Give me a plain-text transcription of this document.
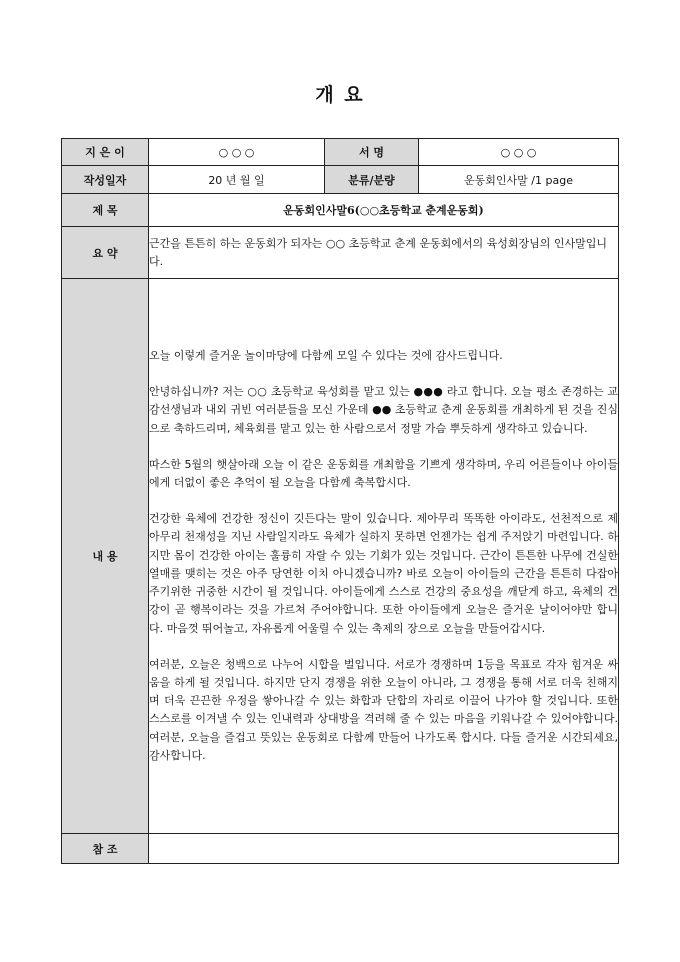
개 요
지 은 이	○ ○ ○	서 명	○ ○ ○
작성일자	20 년 월 일	분류/분량	운동회인사말 /1 page
제 목	운동회인사말6(○○초등학교 춘계운동회)		
요 약	근간을 튼튼히 하는 운동회가 되자는 ○○ 초등학교 춘계 운동회에서의 육성회장님의 인사말입니다.		
내 용	오늘 이렇게 즐거운 놀이마당에 다함께 모일 수 있다는 것에 감사드립니다.

안녕하십니까? 저는 ○○ 초등학교 육성회를 맡고 있는 ●●● 라고 합니다. 오늘 평소 존경하는 교감선생님과 내외 귀빈 여러분들을 모신 가운데 ●● 초등학교 춘계 운동회를 개최하게 된 것을 진심으로 축하드리며, 체육회를 맡고 있는 한 사람으로서 정말 가슴 뿌듯하게 생각하고 있습니다.

따스한 5월의 햇살아래 오늘 이 같은 운동회를 개최함을 기쁘게 생각하며, 우리 어른들이나 아이들에게 더없이 좋은 추억이 될 오늘을 다함께 축복합시다.

건강한 육체에 건강한 정신이 깃든다는 말이 있습니다. 제아무리 똑똑한 아이라도, 선천적으로 제아무리 천재성을 지닌 사람일지라도 육체가 실하지 못하면 언젠가는 쉽게 주저앉기 마련입니다. 하지만 몸이 건강한 아이는 훌륭히 자랄 수 있는 기회가 있는 것입니다. 근간이 튼튼한 나무에 건실한 열매를 맺히는 것은 아주 당연한 이치 아니겠습니까? 바로 오늘이 아이들의 근간을 튼튼히 다잡아 주기위한 귀중한 시간이 될 것입니다. 아이들에게 스스로 건강의 중요성을 깨닫게 하고, 육체의 건강이 곧 행복이라는 것을 가르쳐 주어야합니다. 또한 아이들에게 오늘은 즐거운 날이어야만 합니다. 마음껏 뛰어놀고, 자유롭게 어울릴 수 있는 축제의 장으로 오늘을 만들어갑시다.

여러분, 오늘은 청백으로 나누어 시합을 벌입니다. 서로가 경쟁하며 1등을 목표로 각자 힘겨운 싸움을 하게 될 것입니다. 하지만 단지 경쟁을 위한 오늘이 아니라, 그 경쟁을 통해 서로 더욱 친해지며 더욱 끈끈한 우정을 쌓아나갈 수 있는 화합과 단합의 자리로 이끌어 나가야 할 것입니다. 또한 스스로를 이겨낼 수 있는 인내력과 상대방을 격려해 줄 수 있는 마음을 키워나갈 수 있어야합니다. 여러분, 오늘을 즐겁고 뜻있는 운동회로 다함께 만들어 나가도록 합시다. 다들 즐거운 시간되세요, 감사합니다.		

참 조			
